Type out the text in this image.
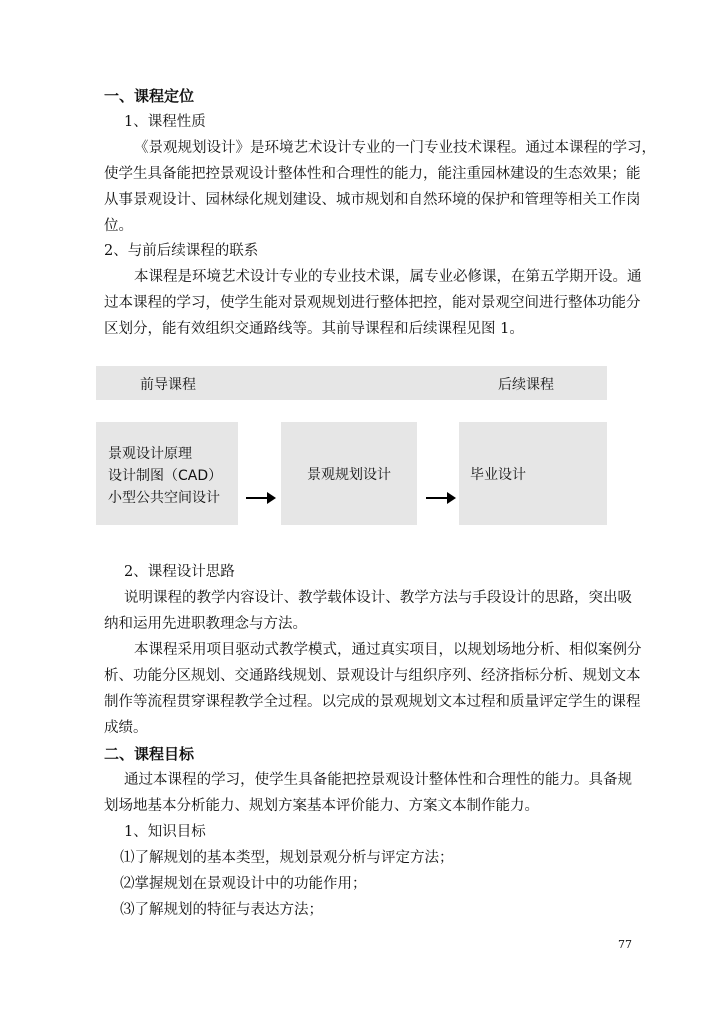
一、课程定位
1、课程性质
《景观规划设计》是环境艺术设计专业的一门专业技术课程。通过本课程的学习，
使学生具备能把控景观设计整体性和合理性的能力，能注重园林建设的生态效果；能
从事景观设计、园林绿化规划建设、城市规划和自然环境的保护和管理等相关工作岗
位。
2、与前后续课程的联系
本课程是环境艺术设计专业的专业技术课，属专业必修课，在第五学期开设。通
过本课程的学习，使学生能对景观规划进行整体把控，能对景观空间进行整体功能分
区划分，能有效组织交通路线等。其前导课程和后续课程见图 1。
前导课程	后续课程
景观设计原理
设计制图（CAD）
小型公共空间设计
景观规划设计	毕业设计
2、课程设计思路
说明课程的教学内容设计、教学载体设计、教学方法与手段设计的思路，突出吸
纳和运用先进职教理念与方法。
本课程采用项目驱动式教学模式，通过真实项目，以规划场地分析、相似案例分
析、功能分区规划、交通路线规划、景观设计与组织序列、经济指标分析、规划文本
制作等流程贯穿课程教学全过程。以完成的景观规划文本过程和质量评定学生的课程
成绩。
二、课程目标
通过本课程的学习，使学生具备能把控景观设计整体性和合理性的能力。具备规
划场地基本分析能力、规划方案基本评价能力、方案文本制作能力。
1、知识目标
⑴了解规划的基本类型，规划景观分析与评定方法；
⑵掌握规划在景观设计中的功能作用；
⑶了解规划的特征与表达方法；
77
